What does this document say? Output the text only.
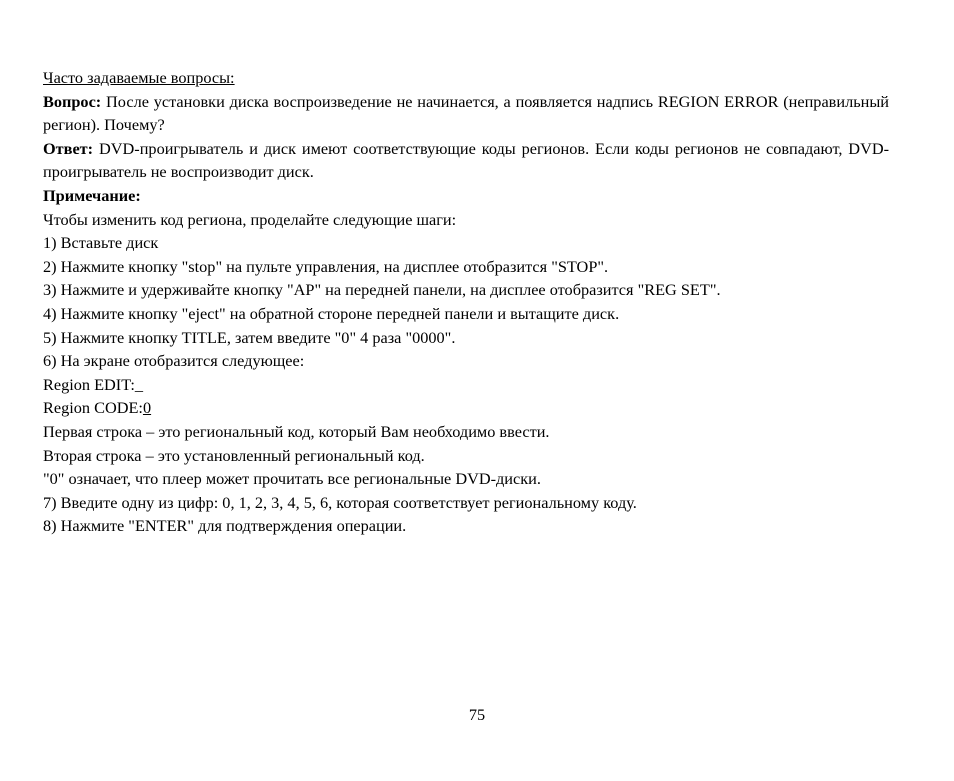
Часто задаваемые вопросы:
Вопрос: После установки диска воспроизведение не начинается, а появляется надпись REGION ERROR (неправильный регион). Почему?
Ответ: DVD-проигрыватель и диск имеют соответствующие коды регионов. Если коды регионов не совпадают, DVD-проигрыватель не воспроизводит диск.
Примечание:
Чтобы изменить код региона, проделайте следующие шаги:
1) Вставьте диск
2) Нажмите кнопку "stop" на пульте управления, на дисплее отобразится "STOP".
3) Нажмите и удерживайте кнопку "AP" на передней панели, на дисплее отобразится "REG SET".
4) Нажмите кнопку "eject" на обратной стороне передней панели и вытащите диск.
5) Нажмите кнопку TITLE, затем введите "0" 4 раза "0000".
6) На экране отобразится следующее:
Region EDIT:_
Region CODE:0
Первая строка – это региональный код, который Вам необходимо ввести.
Вторая строка – это установленный региональный код.
"0" означает, что плеер может прочитать все региональные DVD-диски.
7) Введите одну из цифр: 0, 1, 2, 3, 4, 5, 6, которая соответствует региональному коду.
8) Нажмите "ENTER" для подтверждения операции.
75
